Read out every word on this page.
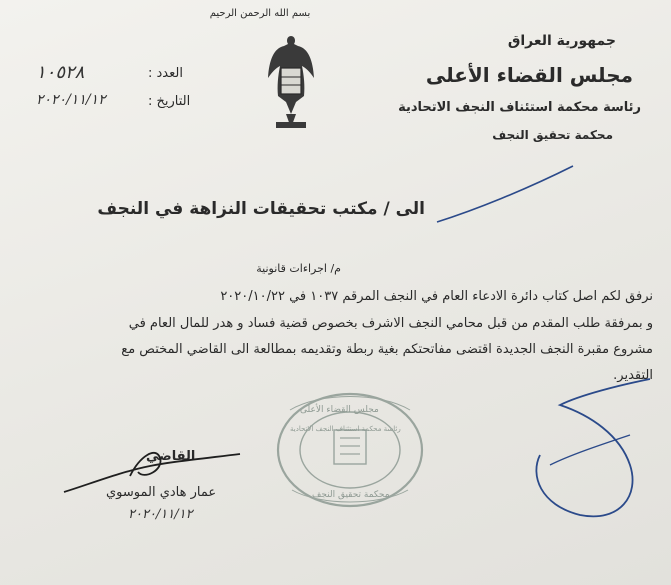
بسم الله الرحمن الرحيم
جمهورية العراق
مجلس القضاء الأعلى
رئاسة محكمة استئناف النجف الاتحادية
محكمة تحقيق النجف
العدد :
التاريخ :
١٠٥٢٨
٢٠٢٠/١١/١٢
الى / مكتب تحقيقات النزاهة في النجف
م/ اجراءات قانونية
نرفق لكم اصل كتاب دائرة الادعاء العام في النجف المرقم ١٠٣٧ في ٢٠٢٠/١٠/٢٢
و بمرفقة طلب المقدم من قبل محامي النجف الاشرف بخصوص قضية فساد و هدر للمال العام في
مشروع مقبرة النجف الجديدة اقتضى مفاتحتكم بغية ربطة وتقديمه بمطالعة الى القاضي المختص مع
التقدير.
مجلس القضاء الأعلى
رئاسة محكمة استئناف النجف الاتحادية
محكمة تحقيق النجف
القاضي
عمار هادي الموسوي
٢٠٢٠/١١/١٢
